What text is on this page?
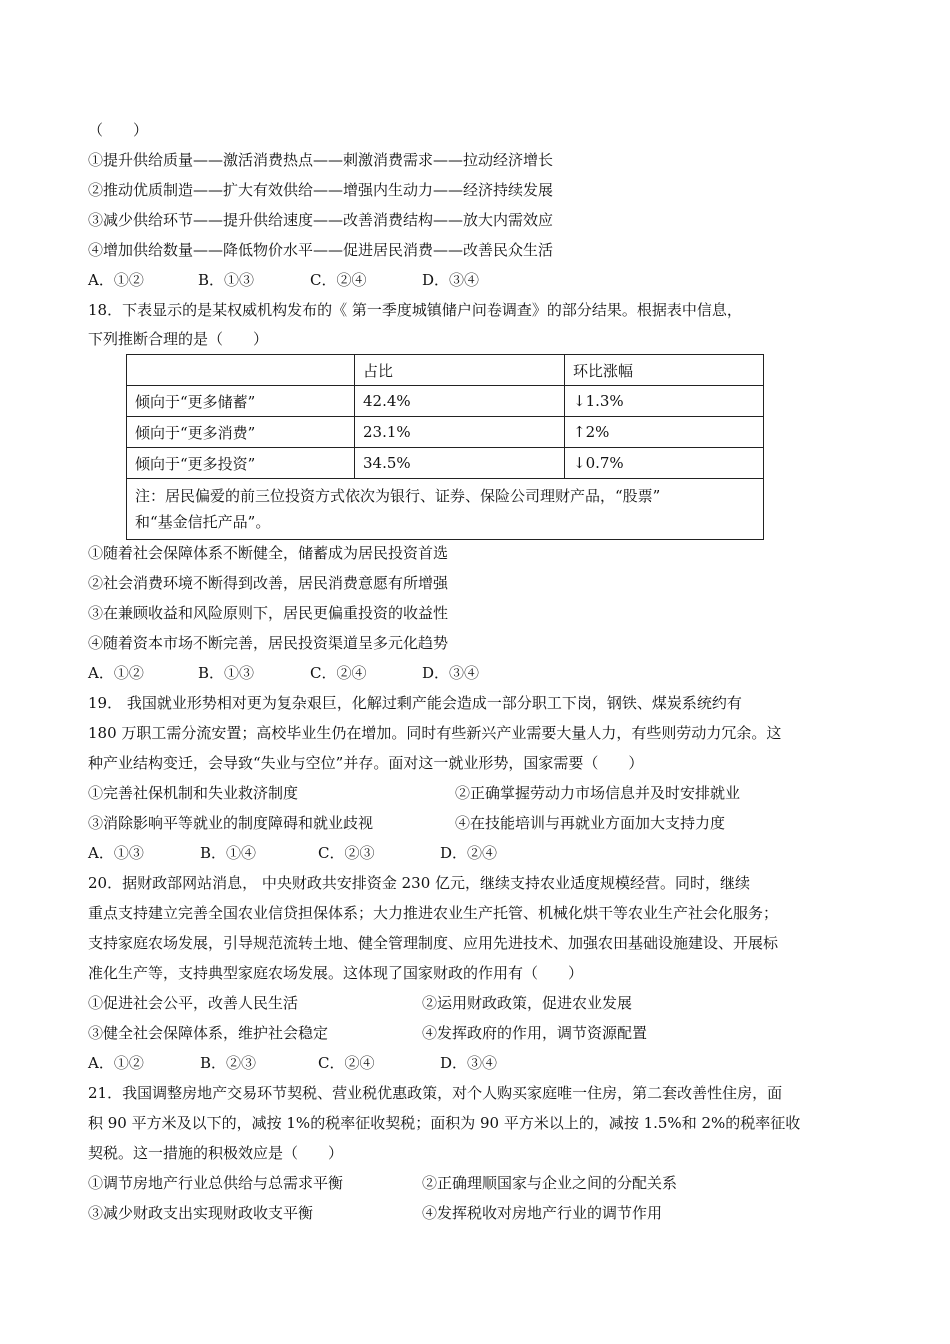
（　　）
①提升供给质量——激活消费热点——刺激消费需求——拉动经济增长
②推动优质制造——扩大有效供给——增强内生动力——经济持续发展
③减少供给环节——提升供给速度——改善消费结构——放大内需效应
④增加供给数量——降低物价水平——促进居民消费——改善民众生活
A．①②	B．①③	C．②④	D．③④
18．下表显示的是某权威机构发布的《 第一季度城镇储户问卷调查》的部分结果。根据表中信息，
下列推断合理的是（　　）
	占比	环比涨幅
倾向于“更多储蓄”	42.4%	↓1.3%
倾向于“更多消费”	23.1%	↑2%
倾向于“更多投资”	34.5%	↓0.7%

注：居民偏爱的前三位投资方式依次为银行、证券、保险公司理财产品，“股票”
和“基金信托产品”。		
①随着社会保障体系不断健全，储蓄成为居民投资首选
②社会消费环境不断得到改善，居民消费意愿有所增强
③在兼顾收益和风险原则下，居民更偏重投资的收益性
④随着资本市场不断完善，居民投资渠道呈多元化趋势
A．①②	B．①③	C．②④	D．③④
19． 我国就业形势相对更为复杂艰巨，化解过剩产能会造成一部分职工下岗，钢铁、煤炭系统约有
180 万职工需分流安置；高校毕业生仍在增加。同时有些新兴产业需要大量人力，有些则劳动力冗余。这
种产业结构变迁，会导致“失业与空位”并存。面对这一就业形势，国家需要（　　）
①完善社保机制和失业救济制度	②正确掌握劳动力市场信息并及时安排就业
③消除影响平等就业的制度障碍和就业歧视	④在技能培训与再就业方面加大支持力度
A．①③	B．①④	C．②③	D．②④
20．据财政部网站消息， 中央财政共安排资金 230 亿元，继续支持农业适度规模经营。同时，继续
重点支持建立完善全国农业信贷担保体系；大力推进农业生产托管、机械化烘干等农业生产社会化服务；
支持家庭农场发展，引导规范流转土地、健全管理制度、应用先进技术、加强农田基础设施建设、开展标
准化生产等，支持典型家庭农场发展。这体现了国家财政的作用有（　　）
①促进社会公平，改善人民生活	②运用财政政策，促进农业发展
③健全社会保障体系，维护社会稳定	④发挥政府的作用，调节资源配置
A．①②	B．②③	C．②④	D．③④
21．我国调整房地产交易环节契税、营业税优惠政策，对个人购买家庭唯一住房，第二套改善性住房，面
积 90 平方米及以下的，减按 1%的税率征收契税；面积为 90 平方米以上的，减按 1.5%和 2%的税率征收
契税。这一措施的积极效应是（　　）
①调节房地产行业总供给与总需求平衡	②正确理顺国家与企业之间的分配关系
③减少财政支出实现财政收支平衡	④发挥税收对房地产行业的调节作用
